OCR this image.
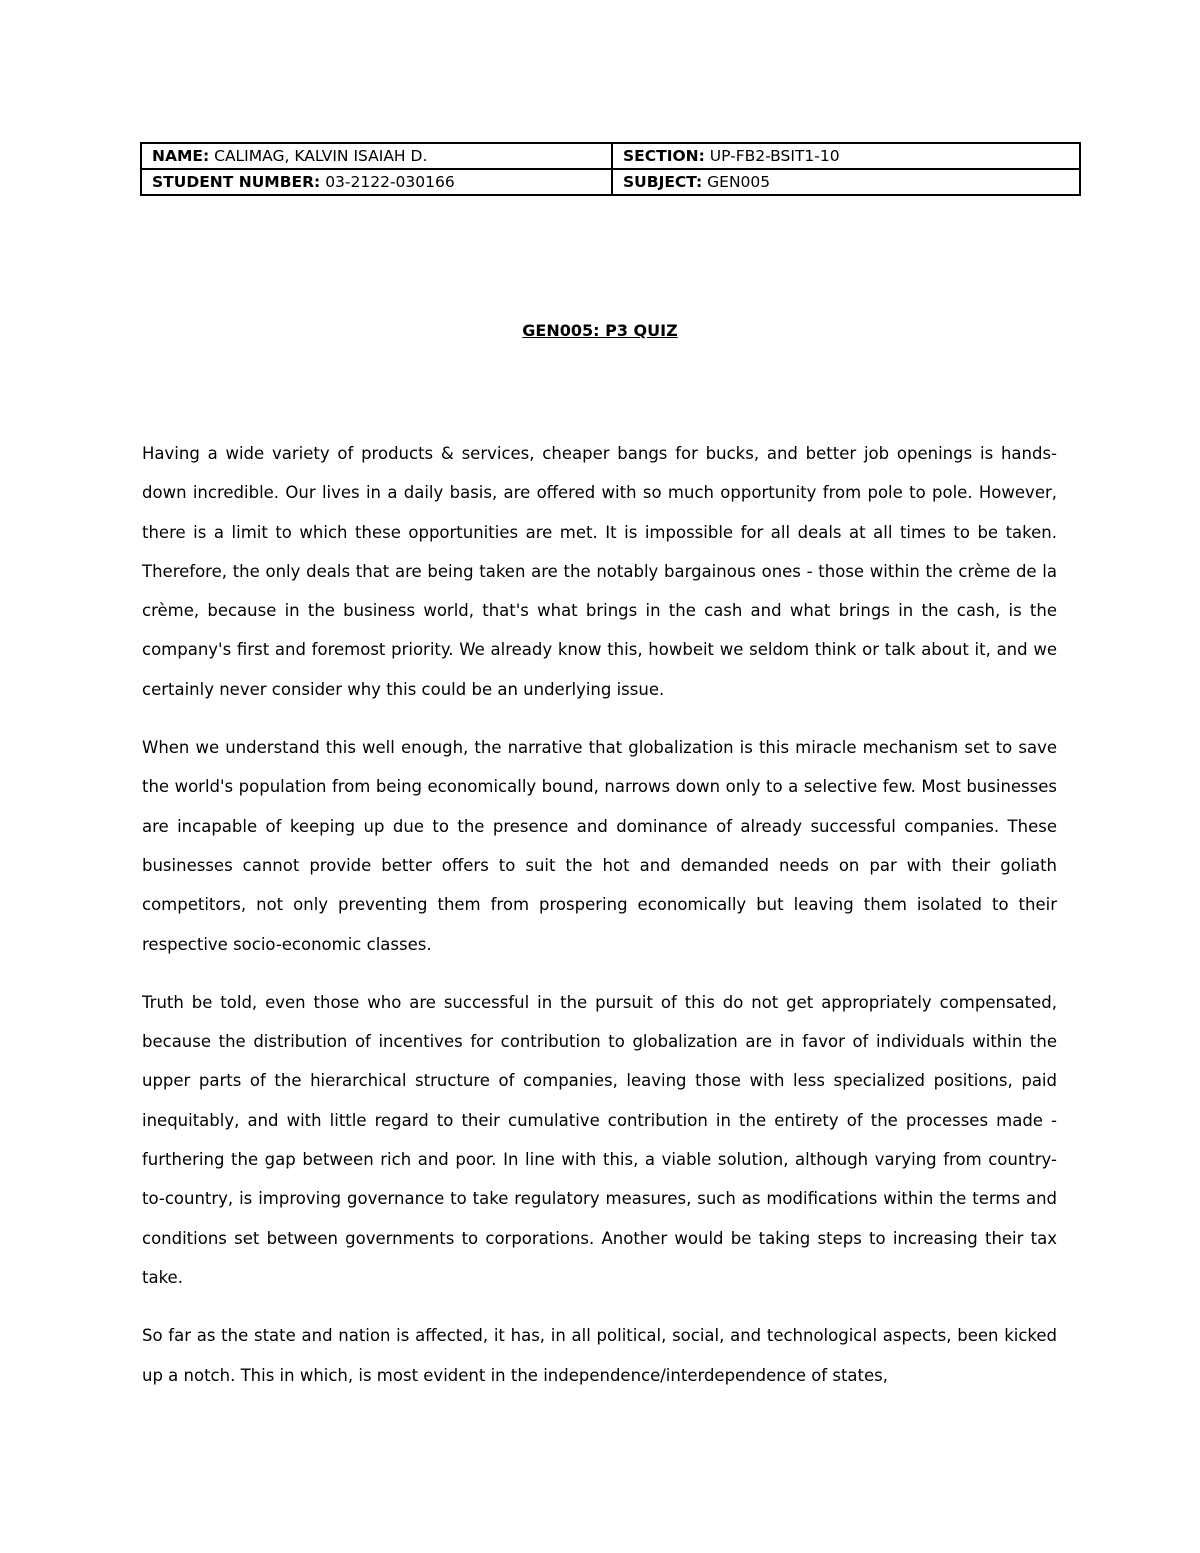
NAME: CALIMAG, KALVIN ISAIAH D.	SECTION: UP-FB2-BSIT1-10
STUDENT NUMBER: 03-2122-030166	SUBJECT: GEN005
GEN005: P3 QUIZ

Having a wide variety of products & services, cheaper bangs for bucks, and better job openings is hands-down incredible. Our lives in a daily basis, are offered with so much opportunity from pole to pole. However, there is a limit to which these opportunities are met. It is impossible for all deals at all times to be taken. Therefore, the only deals that are being taken are the notably bargainous ones - those within the crème de la crème, because in the business world, that's what brings in the cash and what brings in the cash, is the company's first and foremost priority. We already know this, howbeit we seldom think or talk about it, and we certainly never consider why this could be an underlying issue.

When we understand this well enough, the narrative that globalization is this miracle mechanism set to save the world's population from being economically bound, narrows down only to a selective few. Most businesses are incapable of keeping up due to the presence and dominance of already successful companies. These businesses cannot provide better offers to suit the hot and demanded needs on par with their goliath competitors, not only preventing them from prospering economically but leaving them isolated to their respective socio-economic classes.

Truth be told, even those who are successful in the pursuit of this do not get appropriately compensated, because the distribution of incentives for contribution to globalization are in favor of individuals within the upper parts of the hierarchical structure of companies, leaving those with less specialized positions, paid inequitably, and with little regard to their cumulative contribution in the entirety of the processes made - furthering the gap between rich and poor. In line with this, a viable solution, although varying from country-to-country, is improving governance to take regulatory measures, such as modifications within the terms and conditions set between governments to corporations. Another would be taking steps to increasing their tax take.

So far as the state and nation is affected, it has, in all political, social, and technological aspects, been kicked up a notch. This in which, is most evident in the independence/interdependence of states,
